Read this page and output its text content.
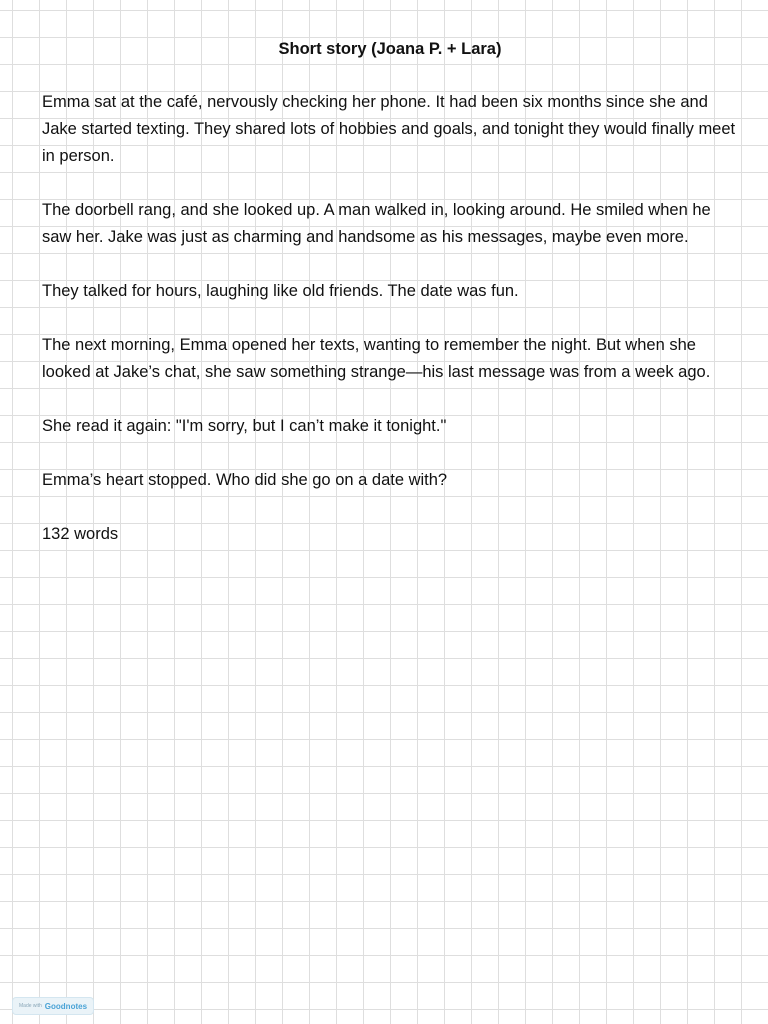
Short story (Joana P. + Lara)

Emma sat at the café, nervously checking her phone. It had been six months since she and Jake started texting. They shared lots of hobbies and goals, and tonight they would finally meet in person.

The doorbell rang, and she looked up. A man walked in, looking around. He smiled when he saw her. Jake was just as charming and handsome as his messages, maybe even more.

They talked for hours, laughing like old friends. The date was fun.

The next morning, Emma opened her texts, wanting to remember the night. But when she looked at Jake’s chat, she saw something strange—his last message was from a week ago.

She read it again: "I'm sorry, but I can’t make it tonight."

Emma’s heart stopped. Who did she go on a date with?

132 words

Made with Goodnotes
